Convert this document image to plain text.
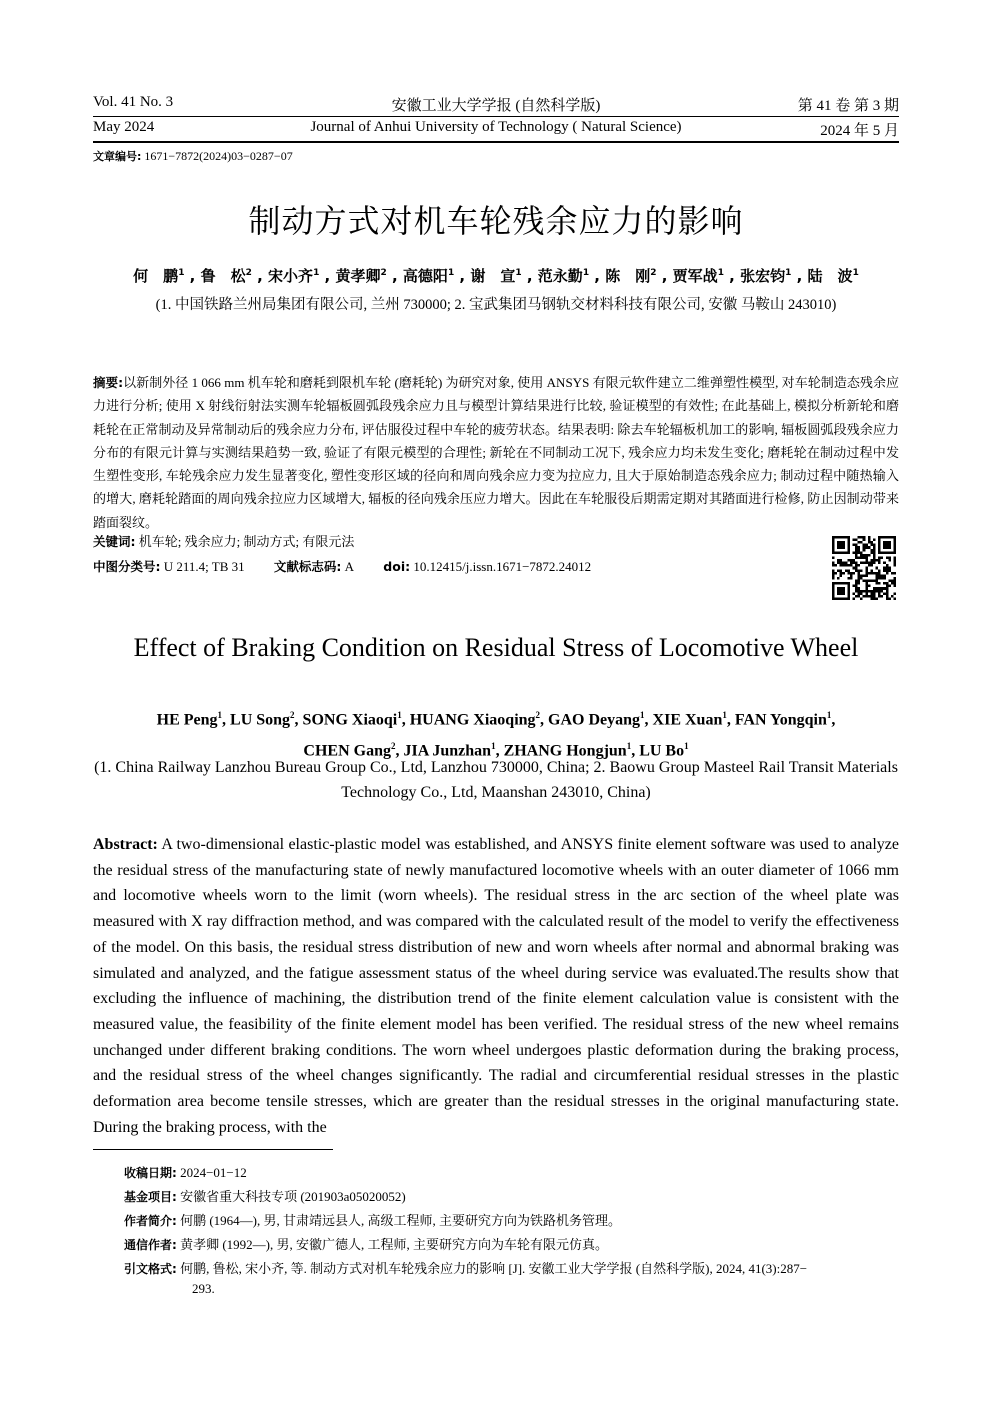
Vol. 41 No. 3	安徽工业大学学报 (自然科学版)	第 41 卷 第 3 期
May 2024	Journal of Anhui University of Technology ( Natural Science)	2024 年 5 月
文章编号: 1671−7872(2024)03−0287−07
制动方式对机车轮残余应力的影响
何　鹏$^1$ , 鲁　松$^2$ , 宋小齐$^1$ , 黄孝卿$^2$ , 高德阳$^1$ , 谢　宣$^1$ , 范永勤$^1$ , 陈　刚$^2$ , 贾军战$^1$ , 张宏钧$^1$ , 陆　波$^1$
(1. 中国铁路兰州局集团有限公司, 兰州 730000; 2. 宝武集团马钢轨交材料科技有限公司, 安徽 马鞍山 243010)
摘要:以新制外径 1 066 mm 机车轮和磨耗到限机车轮 (磨耗轮) 为研究对象, 使用 ANSYS 有限元软件建立二维弹塑性模型, 对车轮制造态残余应力进行分析; 使用 X 射线衍射法实测车轮辐板圆弧段残余应力且与模型计算结果进行比较, 验证模型的有效性; 在此基础上, 模拟分析新轮和磨耗轮在正常制动及异常制动后的残余应力分布, 评估服役过程中车轮的疲劳状态。结果表明: 除去车轮辐板机加工的影响, 辐板圆弧段残余应力分布的有限元计算与实测结果趋势一致, 验证了有限元模型的合理性; 新轮在不同制动工况下, 残余应力均未发生变化; 磨耗轮在制动过程中发生塑性变形, 车轮残余应力发生显著变化, 塑性变形区域的径向和周向残余应力变为拉应力, 且大于原始制造态残余应力; 制动过程中随热输入的增大, 磨耗轮踏面的周向残余拉应力区域增大, 辐板的径向残余压应力增大。因此在车轮服役后期需定期对其踏面进行检修, 防止因制动带来踏面裂纹。
关键词: 机车轮; 残余应力; 制动方式; 有限元法
中图分类号: U 211.4; TB 31 文献标志码: A doi: 10.12415/j.issn.1671−7872.24012
Effect of Braking Condition on Residual Stress of Locomotive Wheel
HE Peng$^1$, LU Song$^2$, SONG Xiaoqi$^1$, HUANG Xiaoqing$^2$, GAO Deyang$^1$, XIE Xuan$^1$, FAN Yongqin$^1$,
CHEN Gang$^2$, JIA Junzhan$^1$, ZHANG Hongjun$^1$, LU Bo$^1$
(1. China Railway Lanzhou Bureau Group Co., Ltd, Lanzhou 730000, China; 2. Baowu Group Masteel Rail Transit Materials Technology Co., Ltd, Maanshan 243010, China)
Abstract: A two-dimensional elastic-plastic model was established, and ANSYS finite element software was used to analyze the residual stress of the manufacturing state of newly manufactured locomotive wheels with an outer diameter of 1066 mm and locomotive wheels worn to the limit (worn wheels). The residual stress in the arc section of the wheel plate was measured with X ray diffraction method, and was compared with the calculated result of the model to verify the effectiveness of the model. On this basis, the residual stress distribution of new and worn wheels after normal and abnormal braking was simulated and analyzed, and the fatigue assessment status of the wheel during service was evaluated.The results show that excluding the influence of machining, the distribution trend of the finite element calculation value is consistent with the measured value, the feasibility of the finite element model has been verified. The residual stress of the new wheel remains unchanged under different braking conditions. The worn wheel undergoes plastic deformation during the braking process, and the residual stress of the wheel changes significantly. The radial and circumferential residual stresses in the plastic deformation area become tensile stresses, which are greater than the residual stresses in the original manufacturing state. During the braking process, with the
收稿日期: 2024−01−12
基金项目: 安徽省重大科技专项 (201903a05020052)
作者简介: 何鹏 (1964—), 男, 甘肃靖远县人, 高级工程师, 主要研究方向为铁路机务管理。
通信作者: 黄孝卿 (1992—), 男, 安徽广德人, 工程师, 主要研究方向为车轮有限元仿真。
引文格式: 何鹏, 鲁松, 宋小齐, 等. 制动方式对机车轮残余应力的影响 [J]. 安徽工业大学学报 (自然科学版), 2024, 41(3):287−
293.
